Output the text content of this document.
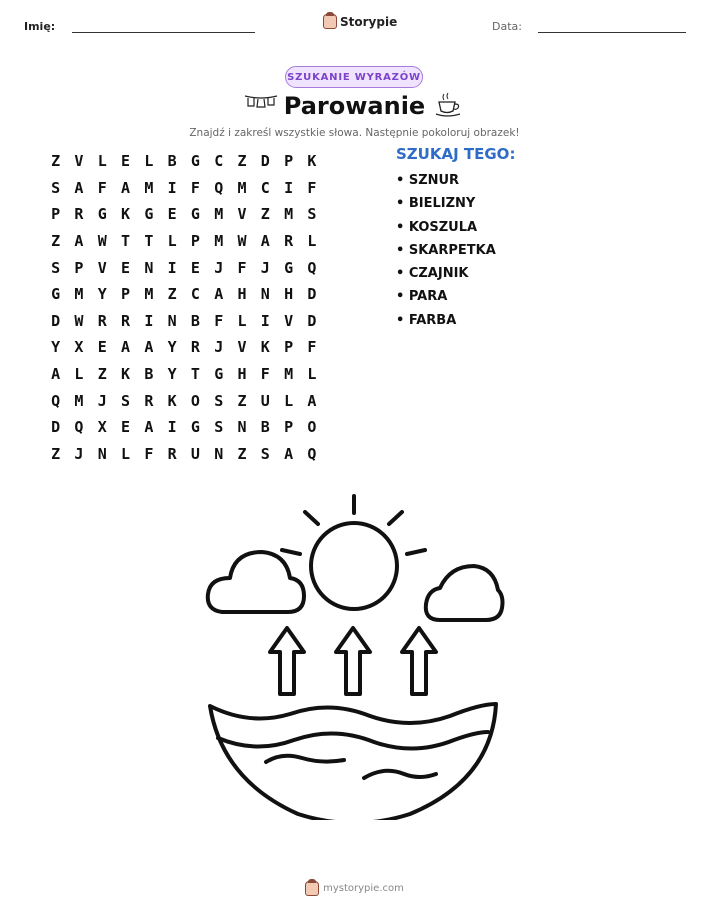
Imię:	Storypie	Data:
SZUKANIE WYRAZÓW
Parowanie
Znajdź i zakreśl wszystkie słowa. Następnie pokoloruj obrazek!
Z V L E L B G C Z D P K
S A F A M I F Q M C I F
P R G K G E G M V Z M S
Z A W T T L P M W A R L
S P V E N I E J F J G Q
G M Y P M Z C A H N H D
D W R R I N B F L I V D
Y X E A A Y R J V K P F
A L Z K B Y T G H F M L
Q M J S R K O S Z U L A
D Q X E A I G S N B P O
Z J N L F R U N Z S A Q
SZUKAJ TEGO:
• SZNUR
• BIELIZNY
• KOSZULA
• SKARPETKA
• CZAJNIK
• PARA
• FARBA
mystorypie.com
